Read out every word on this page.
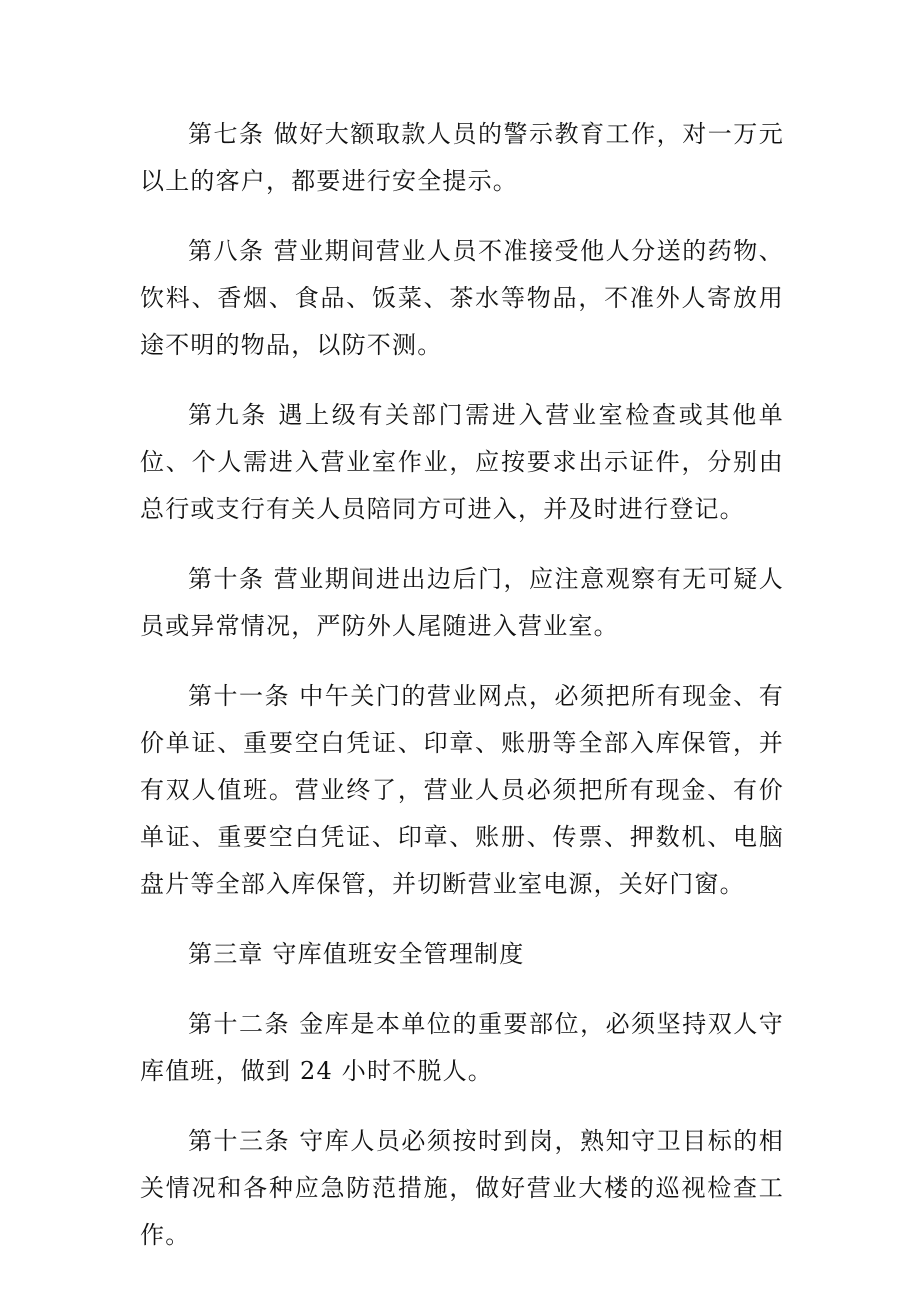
第七条 做好大额取款人员的警示教育工作，对一万元以上的客户，都要进行安全提示。

第八条 营业期间营业人员不准接受他人分送的药物、饮料、香烟、食品、饭菜、茶水等物品，不准外人寄放用途不明的物品，以防不测。

第九条 遇上级有关部门需进入营业室检查或其他单位、个人需进入营业室作业，应按要求出示证件，分别由总行或支行有关人员陪同方可进入，并及时进行登记。

第十条 营业期间进出边后门，应注意观察有无可疑人员或异常情况，严防外人尾随进入营业室。

第十一条 中午关门的营业网点，必须把所有现金、有价单证、重要空白凭证、印章、账册等全部入库保管，并有双人值班。营业终了，营业人员必须把所有现金、有价单证、重要空白凭证、印章、账册、传票、押数机、电脑盘片等全部入库保管，并切断营业室电源，关好门窗。

第三章 守库值班安全管理制度

第十二条 金库是本单位的重要部位，必须坚持双人守库值班，做到 24 小时不脱人。

第十三条 守库人员必须按时到岗，熟知守卫目标的相关情况和各种应急防范措施，做好营业大楼的巡视检查工作。
